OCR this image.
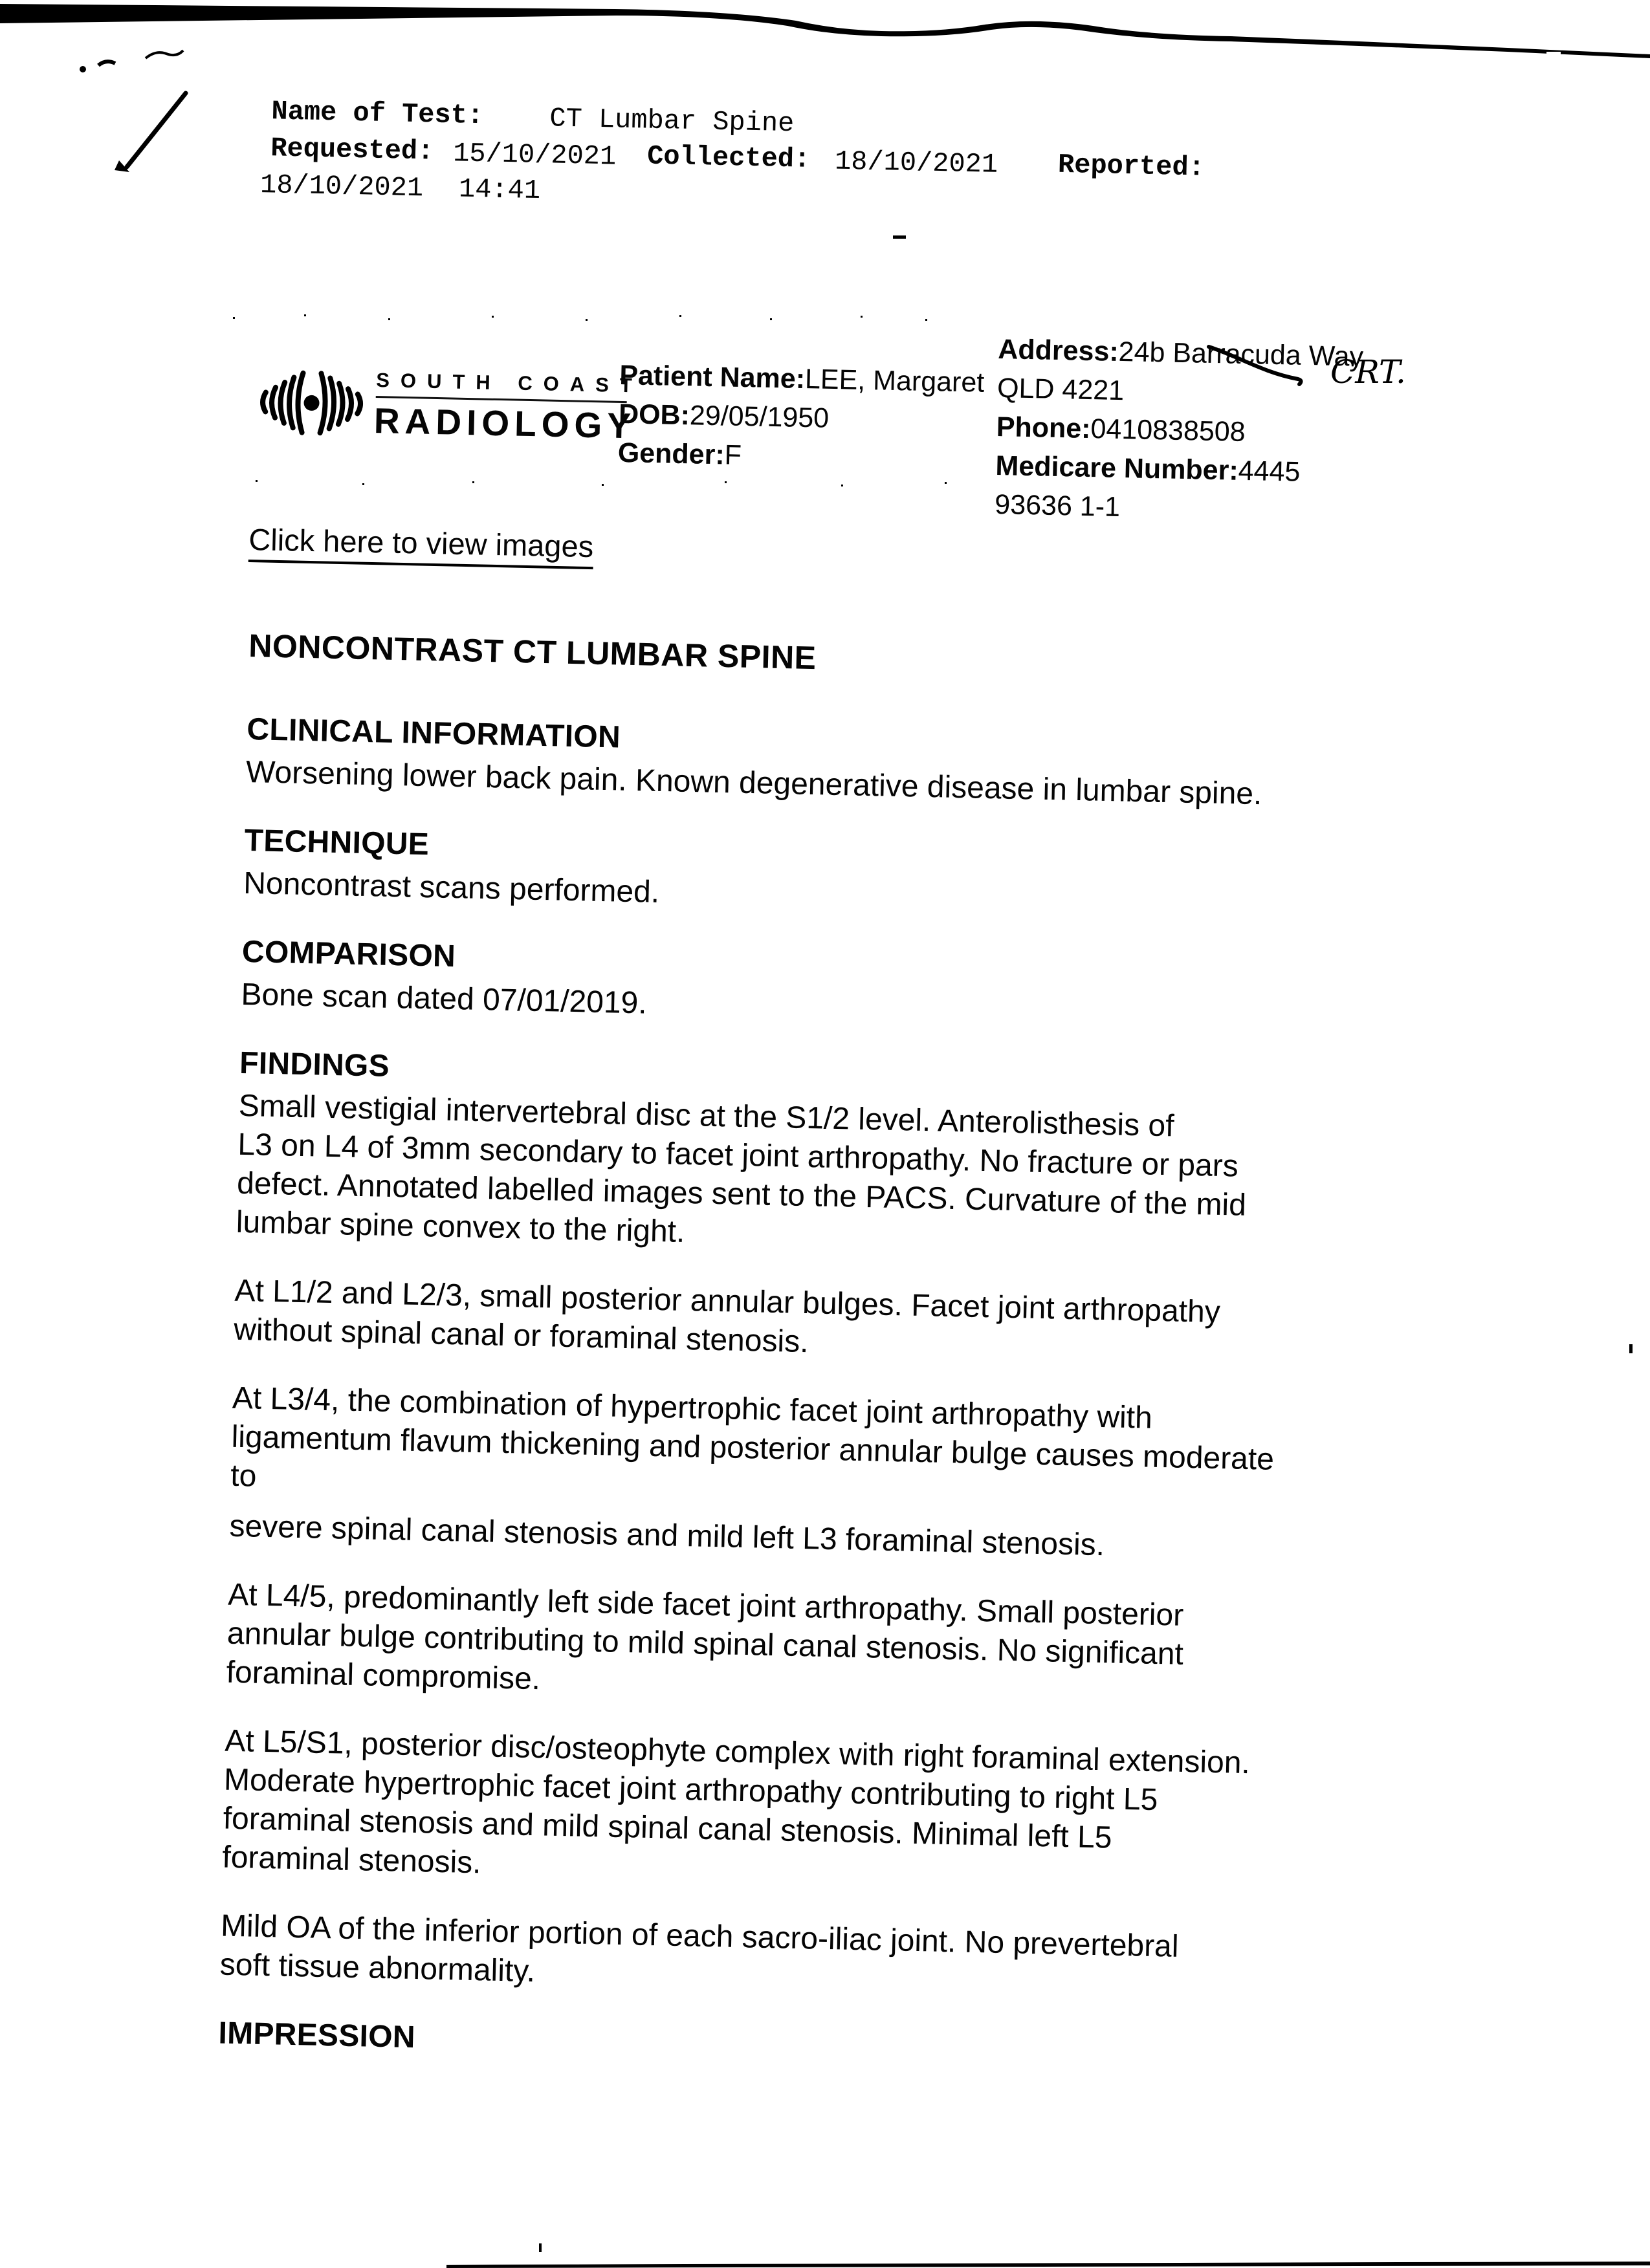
Name of Test: CT Lumbar Spine
Requested: 15/10/2021 Collected: 18/10/2021 Reported:
18/10/2021 14:41
SOUTH COAST
RADIOLOGY
Patient Name:LEE, Margaret
DOB:29/05/1950
Gender:F
Address:24b Barracuda Way
QLD 4221
Phone:0410838508
Medicare Number:4445
93636 1-1
Click here to view images
NONCONTRAST CT LUMBAR SPINE
CLINICAL INFORMATION

Worsening lower back pain. Known degenerative disease in lumbar spine.

TECHNIQUE

Noncontrast scans performed.

COMPARISON

Bone scan dated 07/01/2019.

FINDINGS

Small vestigial intervertebral disc at the S1/2 level. Anterolisthesis of
L3 on L4 of 3mm secondary to facet joint arthropathy. No fracture or pars
defect. Annotated labelled images sent to the PACS. Curvature of the mid
lumbar spine convex to the right.

At L1/2 and L2/3, small posterior annular bulges. Facet joint arthropathy
without spinal canal or foraminal stenosis.

At L3/4, the combination of hypertrophic facet joint arthropathy with
ligamentum flavum thickening and posterior annular bulge causes moderate
to

severe spinal canal stenosis and mild left L3 foraminal stenosis.

At L4/5, predominantly left side facet joint arthropathy. Small posterior
annular bulge contributing to mild spinal canal stenosis. No significant
foraminal compromise.

At L5/S1, posterior disc/osteophyte complex with right foraminal extension.
Moderate hypertrophic facet joint arthropathy contributing to right L5
foraminal stenosis and mild spinal canal stenosis. Minimal left L5
foraminal stenosis.

Mild OA of the inferior portion of each sacro-iliac joint. No prevertebral
soft tissue abnormality.

IMPRESSION
CRT.
